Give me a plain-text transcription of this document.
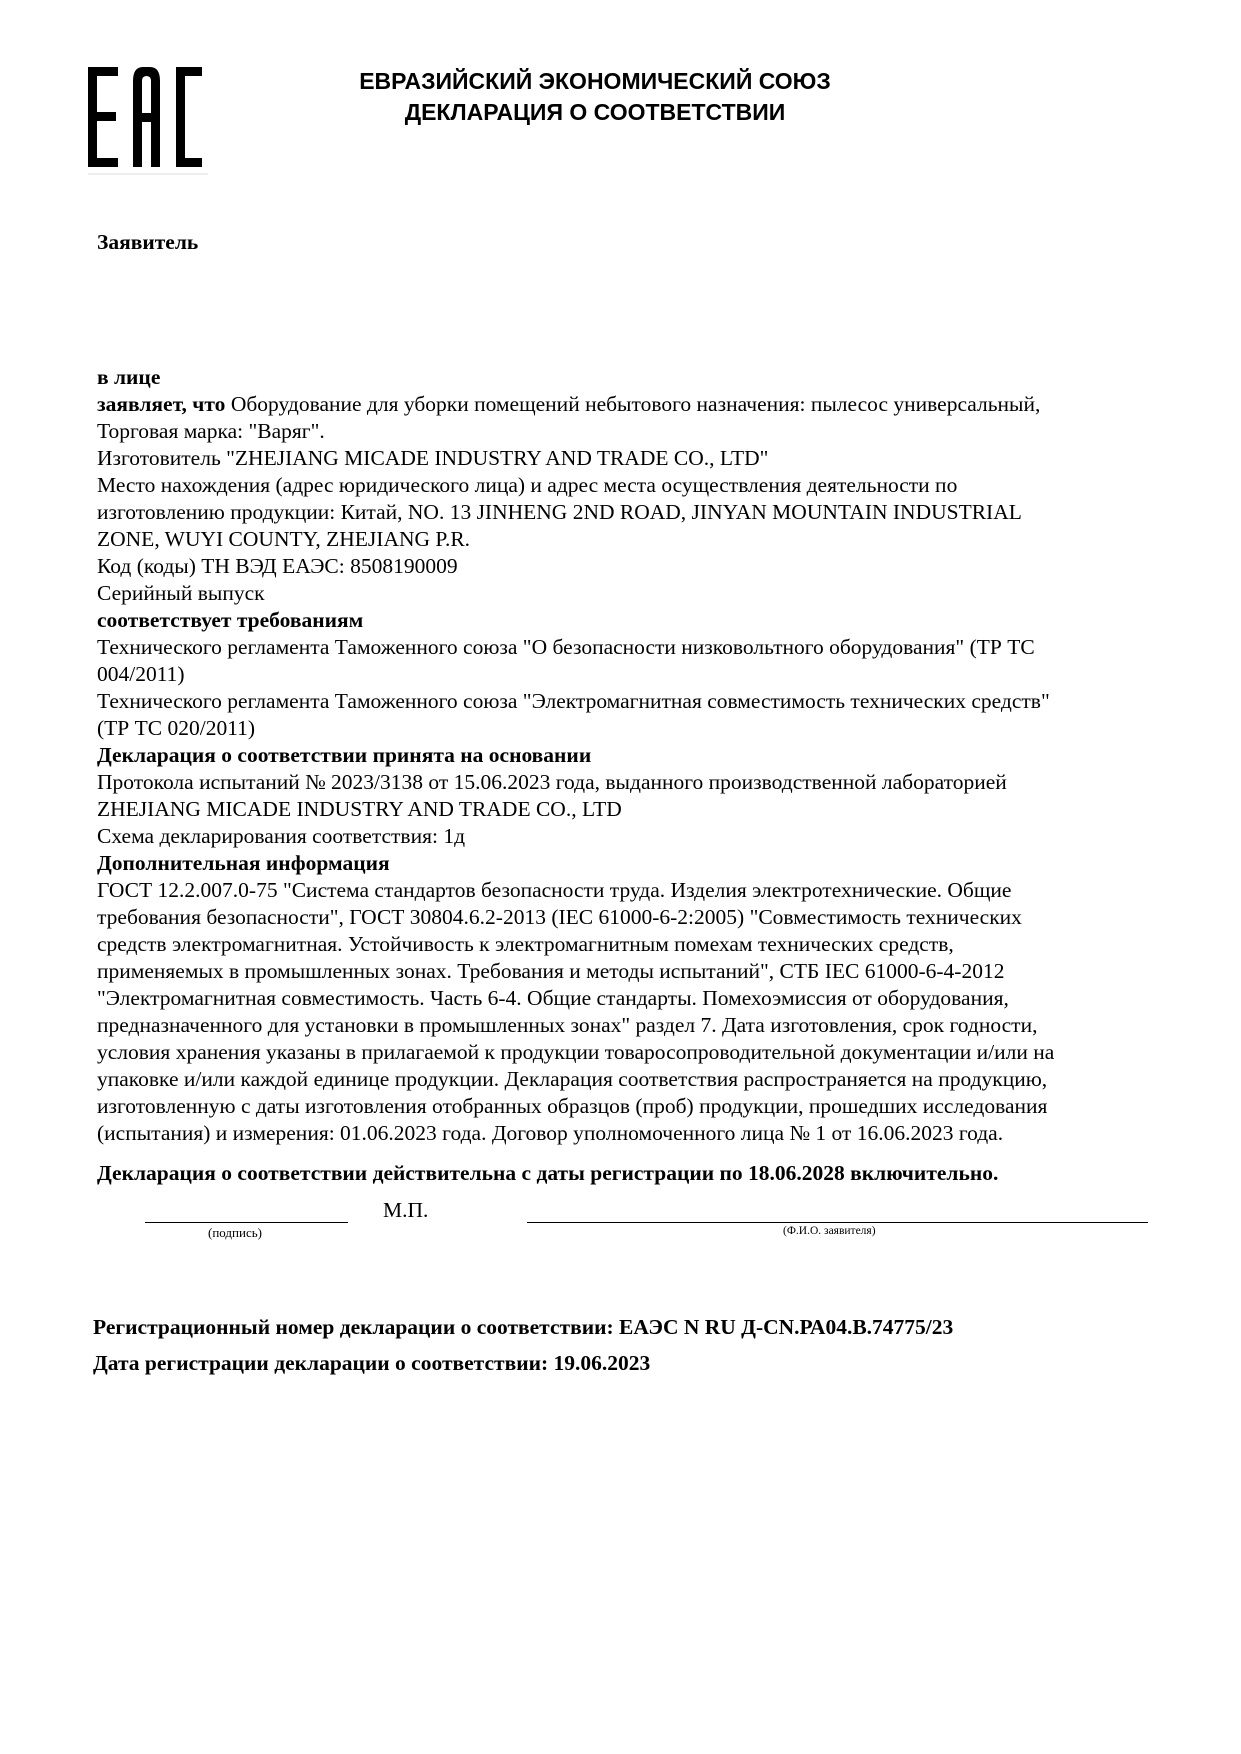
ЕВРАЗИЙСКИЙ ЭКОНОМИЧЕСКИЙ СОЮЗ
ДЕКЛАРАЦИЯ О СООТВЕТСТВИИ
Заявитель
в лице
заявляет, что Оборудование для уборки помещений небытового назначения: пылесос универсальный,
Торговая марка: "Варяг".
Изготовитель "ZHEJIANG MICADE INDUSTRY AND TRADE CO., LTD"
Место нахождения (адрес юридического лица) и адрес места осуществления деятельности по
изготовлению продукции: Китай, NO. 13 JINHENG 2ND ROAD, JINYAN MOUNTAIN INDUSTRIAL
ZONE, WUYI COUNTY, ZHEJIANG P.R.
Код (коды) ТН ВЭД ЕАЭС: 8508190009
Серийный выпуск
соответствует требованиям
Технического регламента Таможенного союза "О безопасности низковольтного оборудования" (ТР ТС
004/2011)
Технического регламента Таможенного союза "Электромагнитная совместимость технических средств"
(ТР ТС 020/2011)
Декларация о соответствии принята на основании
Протокола испытаний № 2023/3138 от 15.06.2023 года, выданного производственной лабораторией
ZHEJIANG MICADE INDUSTRY AND TRADE CO., LTD
Схема декларирования соответствия: 1д
Дополнительная информация
ГОСТ 12.2.007.0-75 "Система стандартов безопасности труда. Изделия электротехнические. Общие
требования безопасности", ГОСТ 30804.6.2-2013 (IEC 61000-6-2:2005) "Совместимость технических
средств электромагнитная. Устойчивость к электромагнитным помехам технических средств,
применяемых в промышленных зонах. Требования и методы испытаний", СТБ IEC 61000-6-4-2012
"Электромагнитная совместимость. Часть 6-4. Общие стандарты. Помехоэмиссия от оборудования,
предназначенного для установки в промышленных зонах" раздел 7. Дата изготовления, срок годности,
условия хранения указаны в прилагаемой к продукции товаросопроводительной документации и/или на
упаковке и/или каждой единице продукции. Декларация соответствия распространяется на продукцию,
изготовленную с даты изготовления отобранных образцов (проб) продукции, прошедших исследования
(испытания) и измерения: 01.06.2023 года. Договор уполномоченного лица № 1 от 16.06.2023 года.
Декларация о соответствии действительна с даты регистрации по 18.06.2028 включительно.
М.П.
(подпись)	(Ф.И.О. заявителя)
Регистрационный номер декларации о соответствии: ЕАЭС N RU Д-CN.РА04.В.74775/23
Дата регистрации декларации о соответствии: 19.06.2023
